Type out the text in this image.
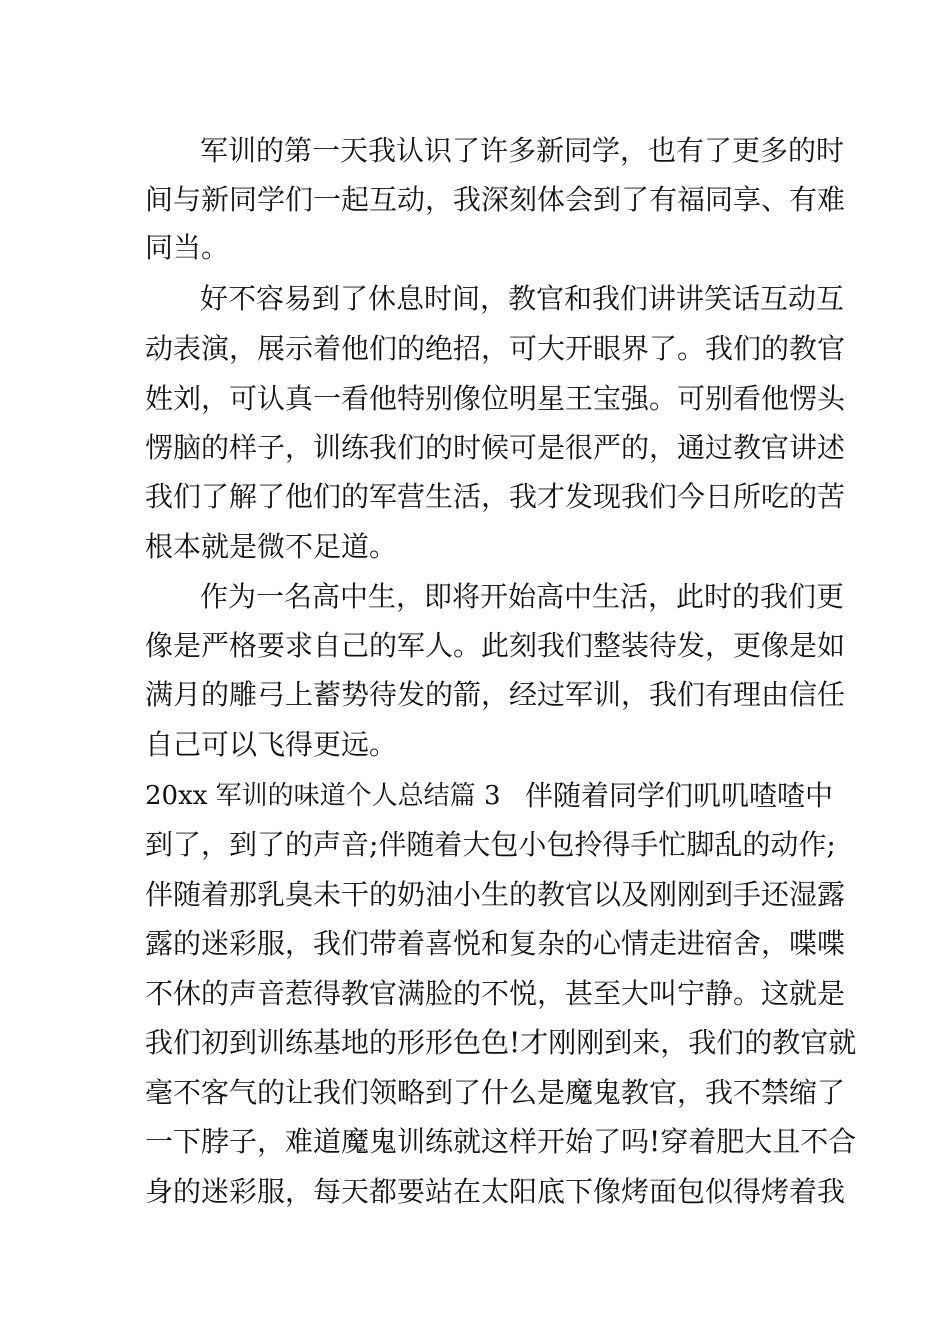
军训的第一天我认识了许多新同学，也有了更多的时
间与新同学们一起互动，我深刻体会到了有福同享、有难
同当。
好不容易到了休息时间，教官和我们讲讲笑话互动互
动表演，展示着他们的绝招，可大开眼界了。我们的教官
姓刘，可认真一看他特别像位明星王宝强。可别看他愣头
愣脑的样子，训练我们的时候可是很严的，通过教官讲述
我们了解了他们的军营生活，我才发现我们今日所吃的苦
根本就是微不足道。
作为一名高中生，即将开始高中生活，此时的我们更
像是严格要求自己的军人。此刻我们整装待发，更像是如
满月的雕弓上蓄势待发的箭，经过军训，我们有理由信任
自己可以飞得更远。
20xx 军训的味道个人总结篇 3 伴随着同学们叽叽喳喳中
到了，到了的声音;伴随着大包小包拎得手忙脚乱的动作;
伴随着那乳臭未干的奶油小生的教官以及刚刚到手还湿露
露的迷彩服，我们带着喜悦和复杂的心情走进宿舍，喋喋
不休的声音惹得教官满脸的不悦，甚至大叫宁静。这就是
我们初到训练基地的形形色色!才刚刚到来，我们的教官就
毫不客气的让我们领略到了什么是魔鬼教官，我不禁缩了
一下脖子，难道魔鬼训练就这样开始了吗!穿着肥大且不合
身的迷彩服，每天都要站在太阳底下像烤面包似得烤着我
